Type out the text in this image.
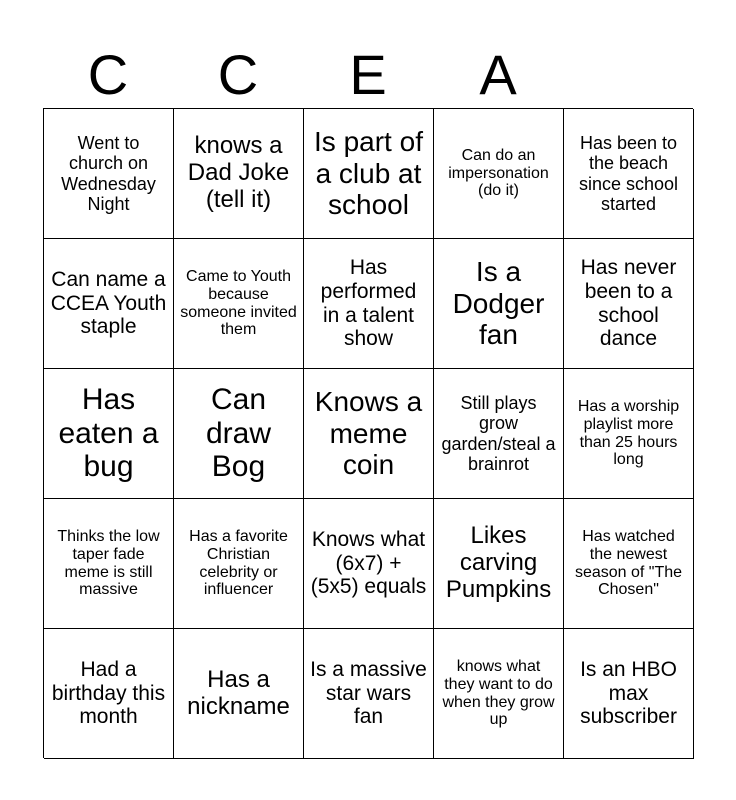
C	C	E	A
Went to church on Wednesday Night
knows a Dad Joke (tell it)
Is part of a club at school
Can do an impersonation (do it)
Has been to the beach since school started
Can name a CCEA Youth staple
Came to Youth because someone invited them
Has performed in a talent show
Is a Dodger fan
Has never been to a school dance
Has eaten a bug
Can draw Bog
Knows a meme coin
Still plays grow garden/steal a brainrot
Has a worship playlist more than 25 hours long
Thinks the low taper fade meme is still massive
Has a favorite Christian celebrity or influencer
Knows what (6x7) + (5x5) equals
Likes carving Pumpkins
Has watched the newest season of "The Chosen"
Had a birthday this month
Has a nickname
Is a massive star wars fan
knows what they want to do when they grow up
Is an HBO max subscriber
